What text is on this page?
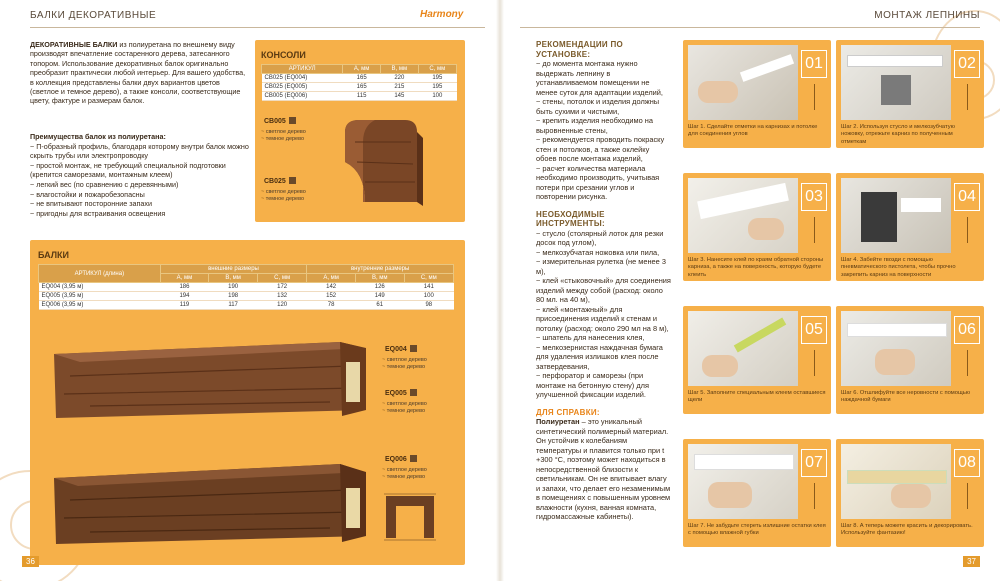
БАЛКИ ДЕКОРАТИВНЫЕ	Harmony
ДЕКОРАТИВНЫЕ БАЛКИ из полиуретана по внешнему виду производят впечатление состаренного дерева, затесанного топором. Использование декоративных балок оригинально преобразит практически любой интерьер. Для вашего удобства, в коллекция представлены балки двух вариантов цветов (светлое и темное дерево), а также консоли, соответствующие цвету, фактуре и размерам балок.
Преимущества балок из полиуретана:
~ П-образный профиль, благодаря которому внутри балок можно скрыть трубы или электропроводку
~ простой монтаж, не требующий специальной подготовки (крепится саморезами, монтажным клеем)
~ легкий вес (по сравнению с деревянными)
~ влагостойки и пожаробезопасны
~ не впитывают посторонние запахи
~ пригодны для встраивания освещения
КОНСОЛИ
АРТИКУЛ	А, мм	В, мм	С, мм
CB025 (EQ004)	165	220	195
CB025 (EQ005)	165	215	195
CB005 (EQ006)	115	145	100
CB005
~ светлое дерево
~ темное дерево
CB025
~ светлое дерево
~ темное дерево
БАЛКИ
АРТИКУЛ (длина)	внешние размеры			внутренние размеры		
	А, мм	В, мм	С, мм	А, мм	В, мм	С, мм
EQ004 (3,95 м)	186	190	172	142	126	141
EQ005 (3,95 м)	194	198	132	152	149	100
EQ006 (3,95 м)	119	117	120	78	61	98
EQ004
~ светлое дерево
~ темное дерево
EQ005
~ светлое дерево
~ темное дерево
EQ006
~ светлое дерево
~ темное дерево
36
МОНТАЖ ЛЕПНИНЫ
РЕКОМЕНДАЦИИ ПО УСТАНОВКЕ:
~ до момента монтажа нужно выдержать лепнину в устанавливаемом помещении не менее суток для адаптации изделий,
~ стены, потолок и изделия должны быть сухими и чистыми,
~ крепить изделия необходимо на выровненные стены,
~ рекомендуется проводить покраску стен и потолков, а также оклейку обоев после монтажа изделий,
~ расчет количества материала необходимо производить, учитывая потери при срезании углов и повторении рисунка.
НЕОБХОДИМЫЕ ИНСТРУМЕНТЫ:
~ стусло (столярный лоток для резки досок под углом),
~ мелкозубчатая ножовка или пила,
~ измерительная рулетка (не менее 3 м),
~ клей «стыковочный» для соединения изделий между собой (расход: около 80 мл. на 40 м),
~ клей «монтажный» для присоединения изделий к стенам и потолку (расход: около 290 мл на 8 м),
~ шпатель для нанесения клея,
~ мелкозернистая наждачная бумага для удаления излишков клея после затвердевания,
~ перфоратор и саморезы (при монтаже на бетонную стену) для улучшенной фиксации изделий.
ДЛЯ СПРАВКИ:
Полиуретан – это уникальный синтетический полимерный материал. Он устойчив к колебаниям температуры и плавится только при t +300 °С, поэтому может находиться в непосредственной близости к светильникам. Он не впитывает влагу и запахи, что делает его незаменимым в помещениях с повышенным уровнем влажности (кухня, ванная комната, гидромассажные кабинеты).
01
Шаг 1. Сделайте отметки на карнизах и потолке для соединения углов
02
Шаг 2. Используя стусло и мелкозубчатую ножовку, отрежьте карниз по полученным отметкам
03
Шаг 3. Нанесите клей по краям обратной стороны карниза, а также на поверхность, которую будете клеить
04
Шаг 4. Забейте гвозди с помощью пневматического пистолета, чтобы прочно закрепить карниз на поверхности
05
Шаг 5. Заполните специальным клеем оставшиеся щели
06
Шаг 6. Отшлифуйте все неровности с помощью наждачной бумаги
07
Шаг 7. Не забудьте стереть излишние остатки клея с помощью влажной губки
08
Шаг 8. А теперь можете красить и декорировать. Используйте фантазию!
37
